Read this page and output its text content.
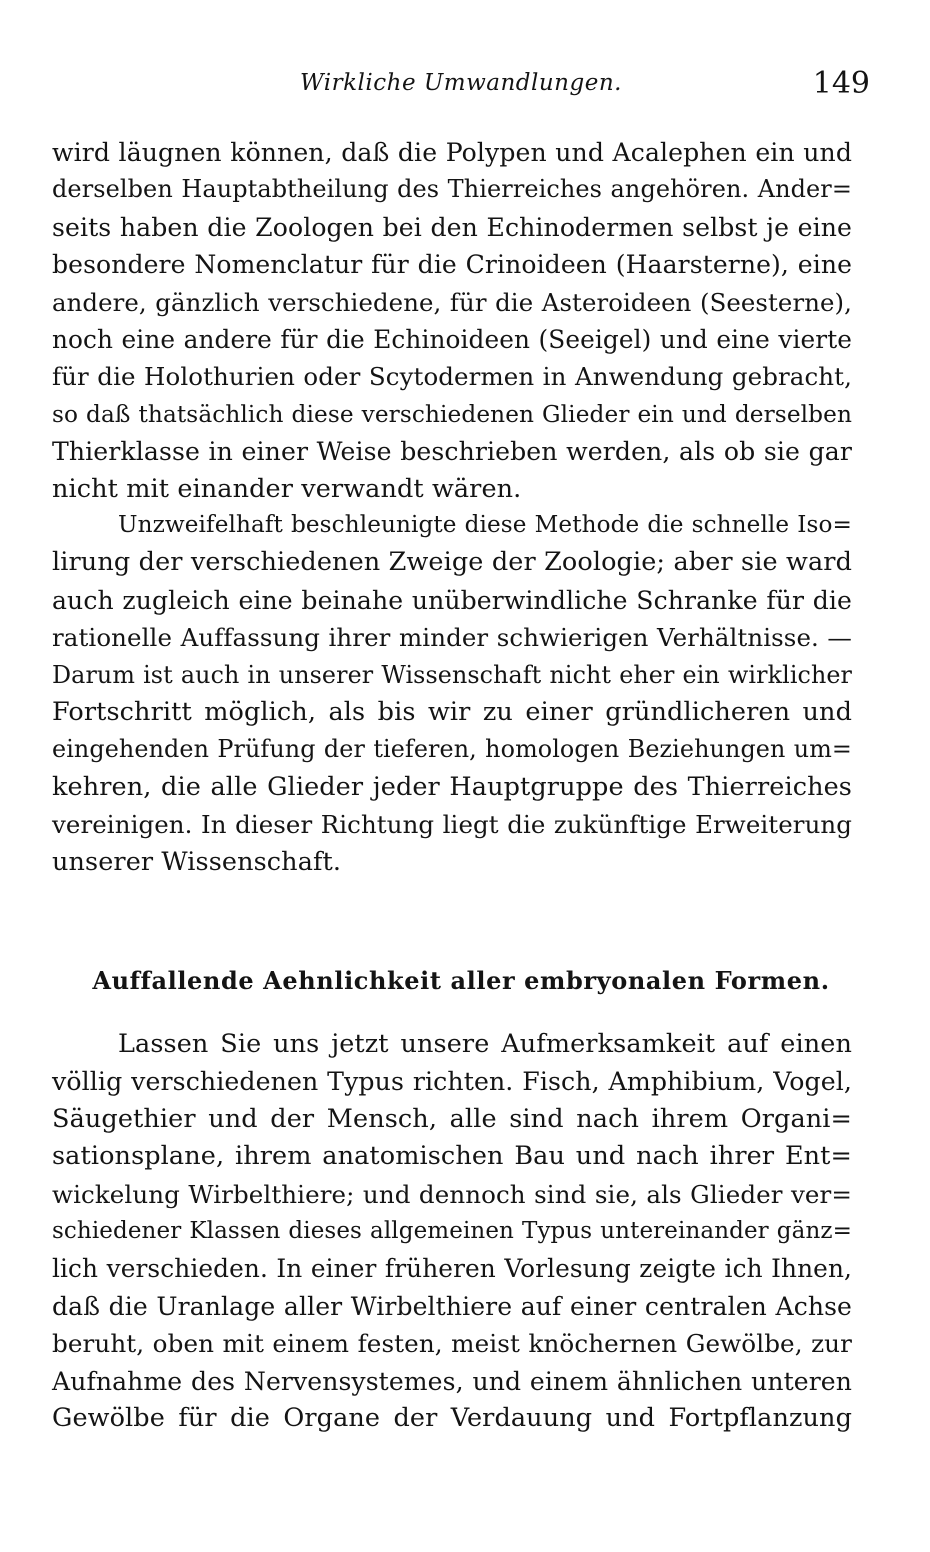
Wirkliche Umwandlungen.	149
wird läugnen können, daß die Polypen und Acalephen ein und
derselben Hauptabtheilung des Thierreiches angehören. Ander=
seits haben die Zoologen bei den Echinodermen selbst je eine
besondere Nomenclatur für die Crinoideen (Haarsterne), eine
andere, gänzlich verschiedene, für die Asteroideen (Seesterne),
noch eine andere für die Echinoideen (Seeigel) und eine vierte
für die Holothurien oder Scytodermen in Anwendung gebracht,
so daß thatsächlich diese verschiedenen Glieder ein und derselben
Thierklasse in einer Weise beschrieben werden, als ob sie gar
nicht mit einander verwandt wären.
Unzweifelhaft beschleunigte diese Methode die schnelle Iso=
lirung der verschiedenen Zweige der Zoologie; aber sie ward
auch zugleich eine beinahe unüberwindliche Schranke für die
rationelle Auffassung ihrer minder schwierigen Verhältnisse. —
Darum ist auch in unserer Wissenschaft nicht eher ein wirklicher
Fortschritt möglich, als bis wir zu einer gründlicheren und
eingehenden Prüfung der tieferen, homologen Beziehungen um=
kehren, die alle Glieder jeder Hauptgruppe des Thierreiches
vereinigen. In dieser Richtung liegt die zukünftige Erweiterung
unserer Wissenschaft.
Auffallende Aehnlichkeit aller embryonalen Formen.
Lassen Sie uns jetzt unsere Aufmerksamkeit auf einen
völlig verschiedenen Typus richten. Fisch, Amphibium, Vogel,
Säugethier und der Mensch, alle sind nach ihrem Organi=
sationsplane, ihrem anatomischen Bau und nach ihrer Ent=
wickelung Wirbelthiere; und dennoch sind sie, als Glieder ver=
schiedener Klassen dieses allgemeinen Typus untereinander gänz=
lich verschieden. In einer früheren Vorlesung zeigte ich Ihnen,
daß die Uranlage aller Wirbelthiere auf einer centralen Achse
beruht, oben mit einem festen, meist knöchernen Gewölbe, zur
Aufnahme des Nervensystemes, und einem ähnlichen unteren
Gewölbe für die Organe der Verdauung und Fortpflanzung
